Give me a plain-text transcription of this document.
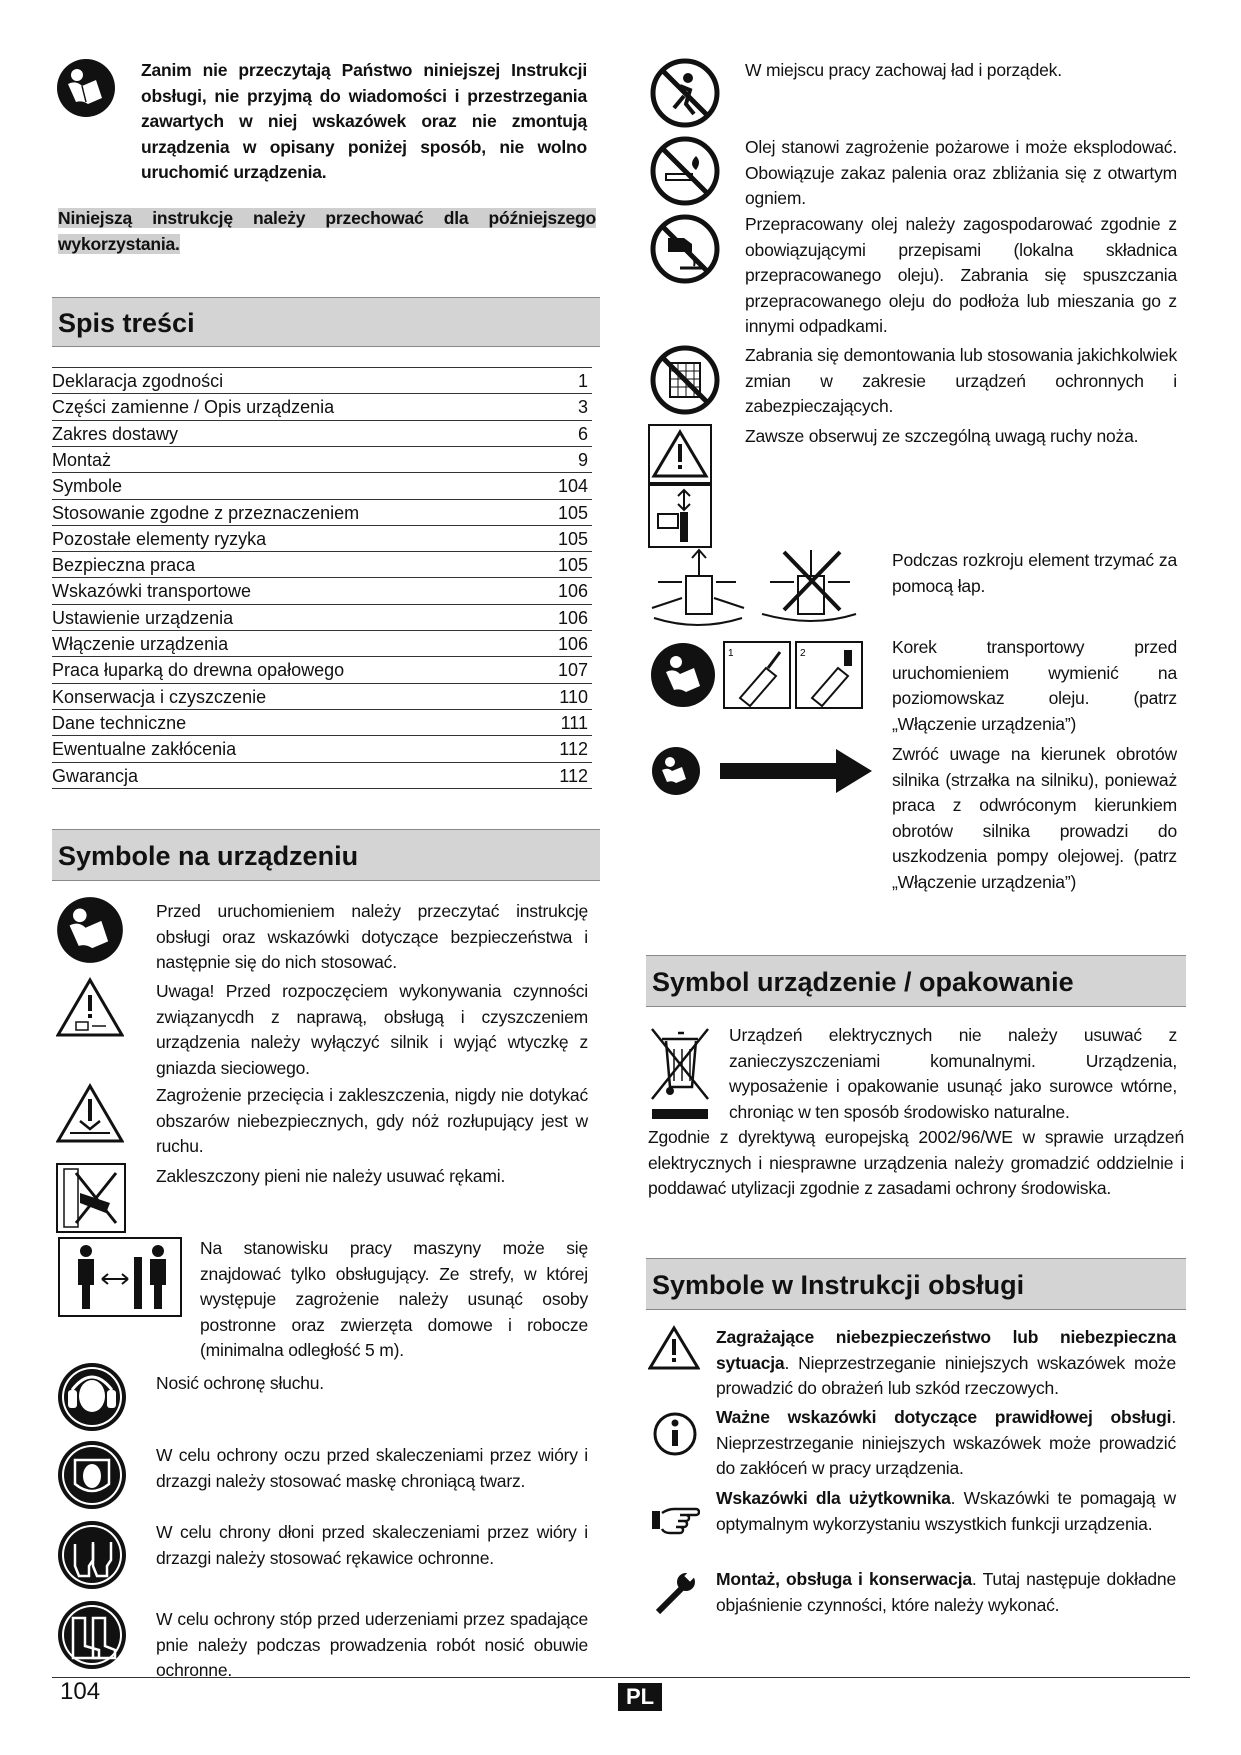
Zanim nie przeczytają Państwo niniejszej Instrukcji obsługi, nie przyjmą do wiadomości i przestrzegania zawartych w niej wskazówek oraz nie zmontują urządzenia w opisany poniżej sposób, nie wolno uruchomić urządzenia.
Niniejszą instrukcję należy przechować dla późniejszego wykorzystania.
Spis treści
Deklaracja zgodności	1
Części zamienne / Opis urządzenia	3
Zakres dostawy	6
Montaż	9
Symbole	104
Stosowanie zgodne z przeznaczeniem	105
Pozostałe elementy ryzyka	105
Bezpieczna praca	105
Wskazówki transportowe	106
Ustawienie urządzenia	106
Włączenie urządzenia	106
Praca łuparką do drewna opałowego	107
Konserwacja i czyszczenie	110
Dane techniczne	111
Ewentualne zakłócenia	112
Gwarancja	112
Symbole na urządzeniu
Przed uruchomieniem należy przeczytać instrukcję obsługi oraz wskazówki dotyczące bezpieczeństwa i następnie się do nich stosować.
Uwaga! Przed rozpoczęciem wykonywania czynności związanycdh z naprawą, obsługą i czyszczeniem urządzenia należy wyłączyć silnik i wyjąć wtyczkę z gniazda sieciowego.
Zagrożenie przecięcia i zakleszczenia, nigdy nie dotykać obszarów niebezpiecznych, gdy nóż rozłupujący jest w ruchu.
Zakleszczony pieni nie należy usuwać rękami.
Na stanowisku pracy maszyny może się znajdować tylko obsługujący. Ze strefy, w której występuje zagrożenie należy usunąć osoby postronne oraz zwierzęta domowe i robocze (minimalna odległość 5 m).
Nosić ochronę słuchu.
W celu ochrony oczu przed skaleczeniami przez wióry i drzazgi należy stosować maskę chroniącą twarz.
W celu chrony dłoni przed skaleczeniami przez wióry i drzazgi należy stosować rękawice ochronne.
W celu ochrony stóp przed uderzeniami przez spadające pnie należy podczas prowadzenia robót nosić obuwie ochronne.
W miejscu pracy zachowaj ład i porządek.
Olej stanowi zagrożenie pożarowe i może eksplodować. Obowiązuje zakaz palenia oraz zbliżania się z otwartym ogniem.
Przepracowany olej należy zagospodarować zgodnie z obowiązującymi przepisami (lokalna składnica przepracowanego oleju). Zabrania się spuszczania przepracowanego oleju do podłoża lub mieszania go z innymi odpadkami.
Zabrania się demontowania lub stosowania jakichkolwiek zmian w zakresie urządzeń ochronnych i zabezpieczających.
Zawsze obserwuj ze szczególną uwagą ruchy noża.
Podczas rozkroju element trzymać za pomocą łap.
1	2	Korek transportowy przed uruchomieniem wymienić na poziomowskaz oleju. (patrz „Włączenie urządzenia”)
Zwróć uwage na kierunek obrotów silnika (strzałka na silniku), ponieważ praca z odwróconym kierunkiem obrotów silnika prowadzi do uszkodzenia pompy olejowej. (patrz „Włączenie urządzenia”)
Symbol urządzenie / opakowanie
Urządzeń elektrycznych nie należy usuwać z zanieczyszczeniami komunalnymi. Urządzenia, wyposażenie i opakowanie usunąć jako surowce wtórne, chroniąc w ten sposób środowisko naturalne.
Zgodnie z dyrektywą europejską 2002/96/WE w sprawie urządzeń elektrycznych i niesprawne urządzenia należy gromadzić oddzielnie i poddawać utylizacji zgodnie z zasadami ochrony środowiska.
Symbole w Instrukcji obsługi
Zagrażające niebezpieczeństwo lub niebezpieczna sytuacja. Nieprzestrzeganie niniejszych wskazówek może prowadzić do obrażeń lub szkód rzeczowych.
Ważne wskazówki dotyczące prawidłowej obsługi. Nieprzestrzeganie niniejszych wskazówek może prowadzić do zakłóceń w pracy urządzenia.
Wskazówki dla użytkownika. Wskazówki te pomagają w optymalnym wykorzystaniu wszystkich funkcji urządzenia.
Montaż, obsługa i konserwacja. Tutaj następuje dokładne objaśnienie czynności, które należy wykonać.
104	PL
